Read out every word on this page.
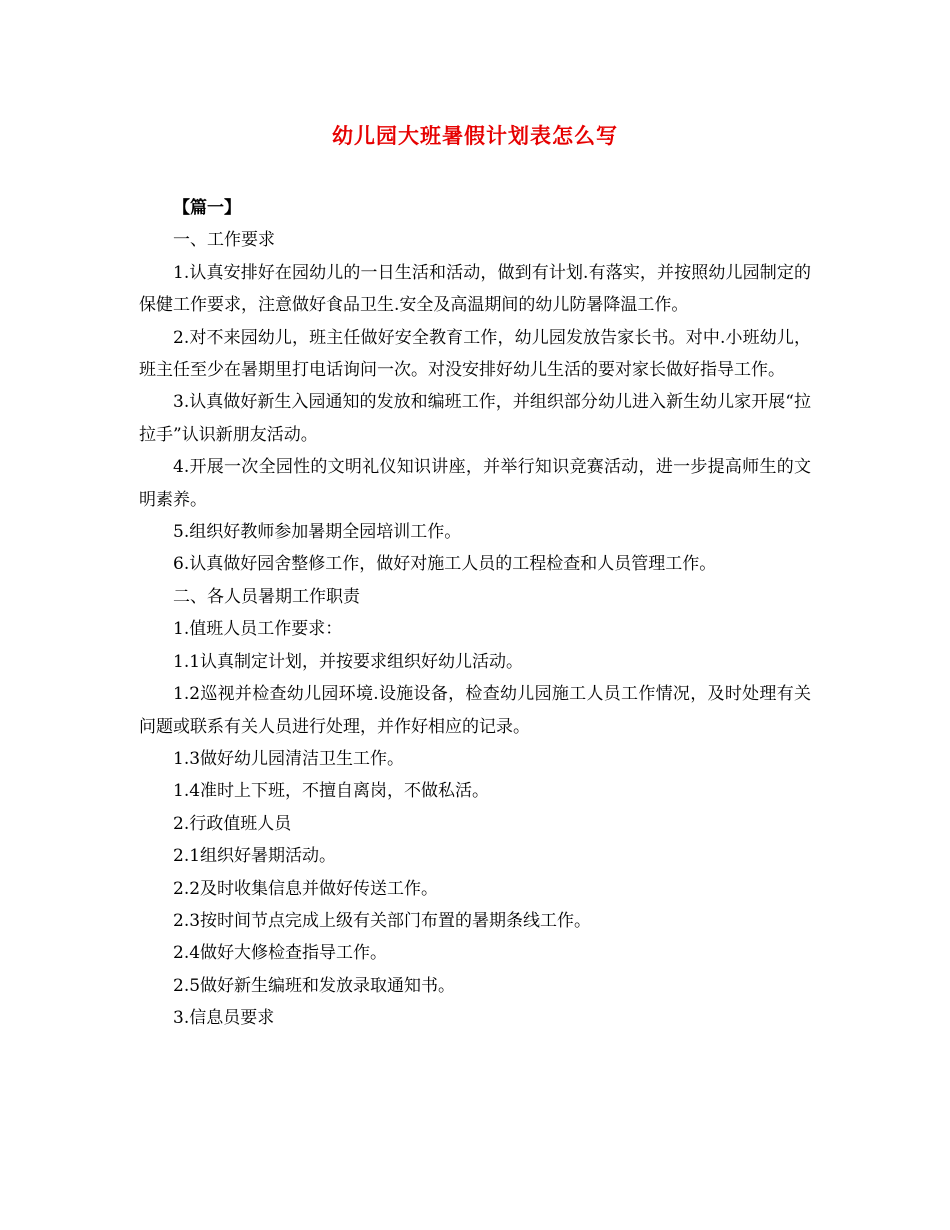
幼儿园大班暑假计划表怎么写

【篇一】

一、工作要求

1.认真安排好在园幼儿的一日生活和活动，做到有计划.有落实，并按照幼儿园制定的保健工作要求，注意做好食品卫生.安全及高温期间的幼儿防暑降温工作。

2.对不来园幼儿，班主任做好安全教育工作，幼儿园发放告家长书。对中.小班幼儿，班主任至少在暑期里打电话询问一次。对没安排好幼儿生活的要对家长做好指导工作。

3.认真做好新生入园通知的发放和编班工作，并组织部分幼儿进入新生幼儿家开展“拉拉手”认识新朋友活动。

4.开展一次全园性的文明礼仪知识讲座，并举行知识竞赛活动，进一步提高师生的文明素养。

5.组织好教师参加暑期全园培训工作。

6.认真做好园舍整修工作，做好对施工人员的工程检查和人员管理工作。

二、各人员暑期工作职责

1.值班人员工作要求：

1.1认真制定计划，并按要求组织好幼儿活动。

1.2巡视并检查幼儿园环境.设施设备，检查幼儿园施工人员工作情况，及时处理有关问题或联系有关人员进行处理，并作好相应的记录。

1.3做好幼儿园清洁卫生工作。

1.4准时上下班，不擅自离岗，不做私活。

2.行政值班人员

2.1组织好暑期活动。

2.2及时收集信息并做好传送工作。

2.3按时间节点完成上级有关部门布置的暑期条线工作。

2.4做好大修检查指导工作。

2.5做好新生编班和发放录取通知书。

3.信息员要求
